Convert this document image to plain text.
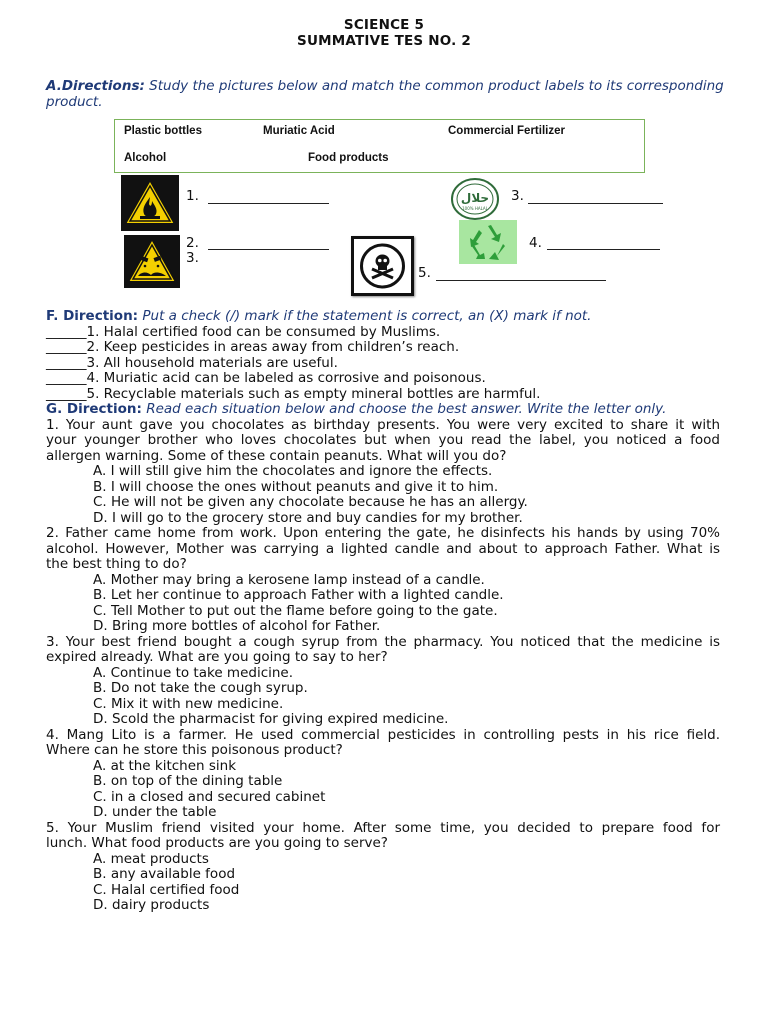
SCIENCE 5
SUMMATIVE TES NO. 2
A.Directions: Study the pictures below and match the common product labels to its corresponding product.
Plastic bottles	Muriatic Acid	Commercial Fertilizer
Alcohol	Food products
1.
2.
3.
5.
حلال
100% HALAL
3.
4.
F. Direction: Put a check (/) mark if the statement is correct, an (X) mark if not.
______1. Halal certified food can be consumed by Muslims.
______2. Keep pesticides in areas away from children’s reach.
______3. All household materials are useful.
______4. Muriatic acid can be labeled as corrosive and poisonous.
______5. Recyclable materials such as empty mineral bottles are harmful.
G. Direction: Read each situation below and choose the best answer. Write the letter only.
1. Your aunt gave you chocolates as birthday presents. You were very excited to share it with
your younger brother who loves chocolates but when you read the label, you noticed a food
allergen warning. Some of these contain peanuts. What will you do?
A. I will still give him the chocolates and ignore the effects.
B. I will choose the ones without peanuts and give it to him.
C. He will not be given any chocolate because he has an allergy.
D. I will go to the grocery store and buy candies for my brother.
2. Father came home from work. Upon entering the gate, he disinfects his hands by using 70%
alcohol. However, Mother was carrying a lighted candle and about to approach Father. What is
the best thing to do?
A. Mother may bring a kerosene lamp instead of a candle.
B. Let her continue to approach Father with a lighted candle.
C. Tell Mother to put out the flame before going to the gate.
D. Bring more bottles of alcohol for Father.
3. Your best friend bought a cough syrup from the pharmacy. You noticed that the medicine is
expired already. What are you going to say to her?
A. Continue to take medicine.
B. Do not take the cough syrup.
C. Mix it with new medicine.
D. Scold the pharmacist for giving expired medicine.
4. Mang Lito is a farmer. He used commercial pesticides in controlling pests in his rice field.
Where can he store this poisonous product?
A. at the kitchen sink
B. on top of the dining table
C. in a closed and secured cabinet
D. under the table
5. Your Muslim friend visited your home. After some time, you decided to prepare food for
lunch. What food products are you going to serve?
A. meat products
B. any available food
C. Halal certified food
D. dairy products
